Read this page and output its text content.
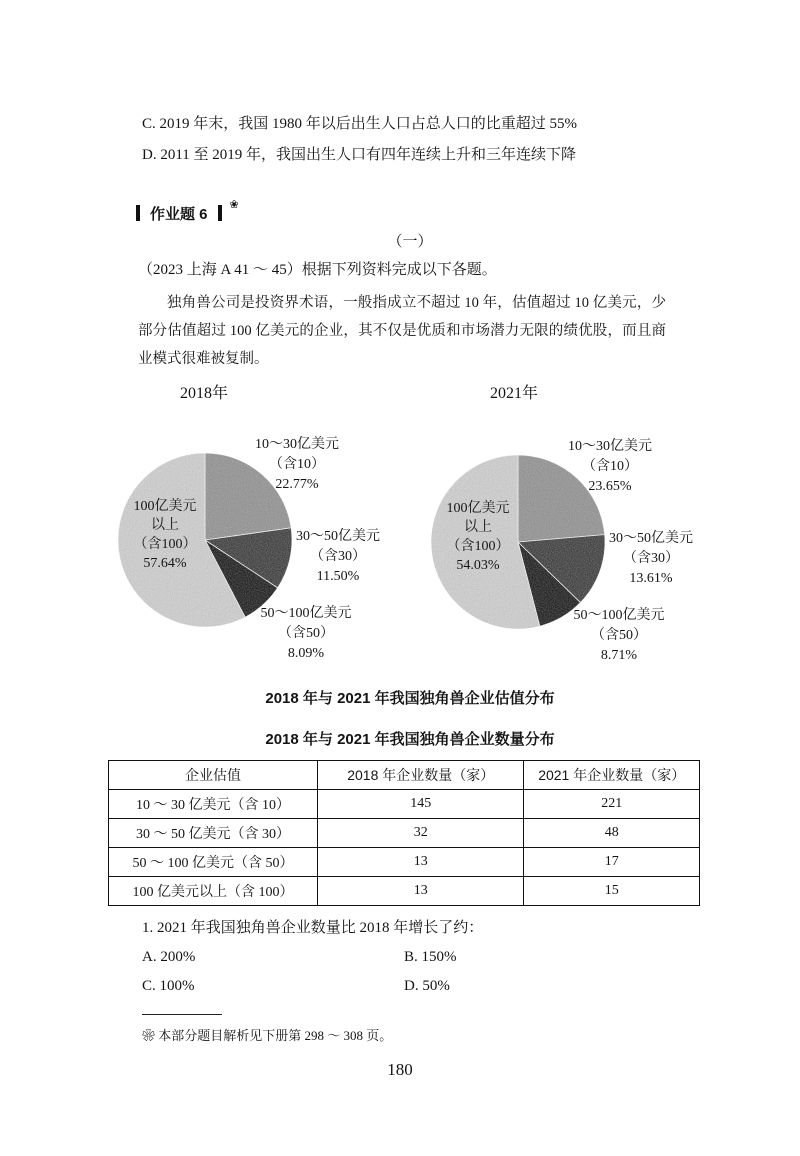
C. 2019 年末，我国 1980 年以后出生人口占总人口的比重超过 55%
D. 2011 至 2019 年，我国出生人口有四年连续上升和三年连续下降
作业题 6
❀
（一）
（2023 上海 A 41 ～ 45）根据下列资料完成以下各题。
独角兽公司是投资界术语，一般指成立不超过 10 年，估值超过 10 亿美元，少部分估值超过 100 亿美元的企业，其不仅是优质和市场潜力无限的绩优股，而且商业模式很难被复制。
2018年	2021年
10～30亿美元
（含10）
22.77%
30～50亿美元
（含30）
11.50%
50～100亿美元
（含50）
8.09%
100亿美元
以上
（含100）
57.64%
10～30亿美元
（含10）
23.65%
30～50亿美元
（含30）
13.61%
50～100亿美元
（含50）
8.71%
100亿美元
以上
（含100）
54.03%
2018 年与 2021 年我国独角兽企业估值分布
2018 年与 2021 年我国独角兽企业数量分布
企业估值	2018 年企业数量（家）	2021 年企业数量（家）
10 ～ 30 亿美元（含 10）	145	221
30 ～ 50 亿美元（含 30）	32	48
50 ～ 100 亿美元（含 50）	13	17
100 亿美元以上（含 100）	13	15
1. 2021 年我国独角兽企业数量比 2018 年增长了约：
A. 200%	B. 150%
C. 100%	D. 50%
❀ 本部分题目解析见下册第 298 ～ 308 页。
180
